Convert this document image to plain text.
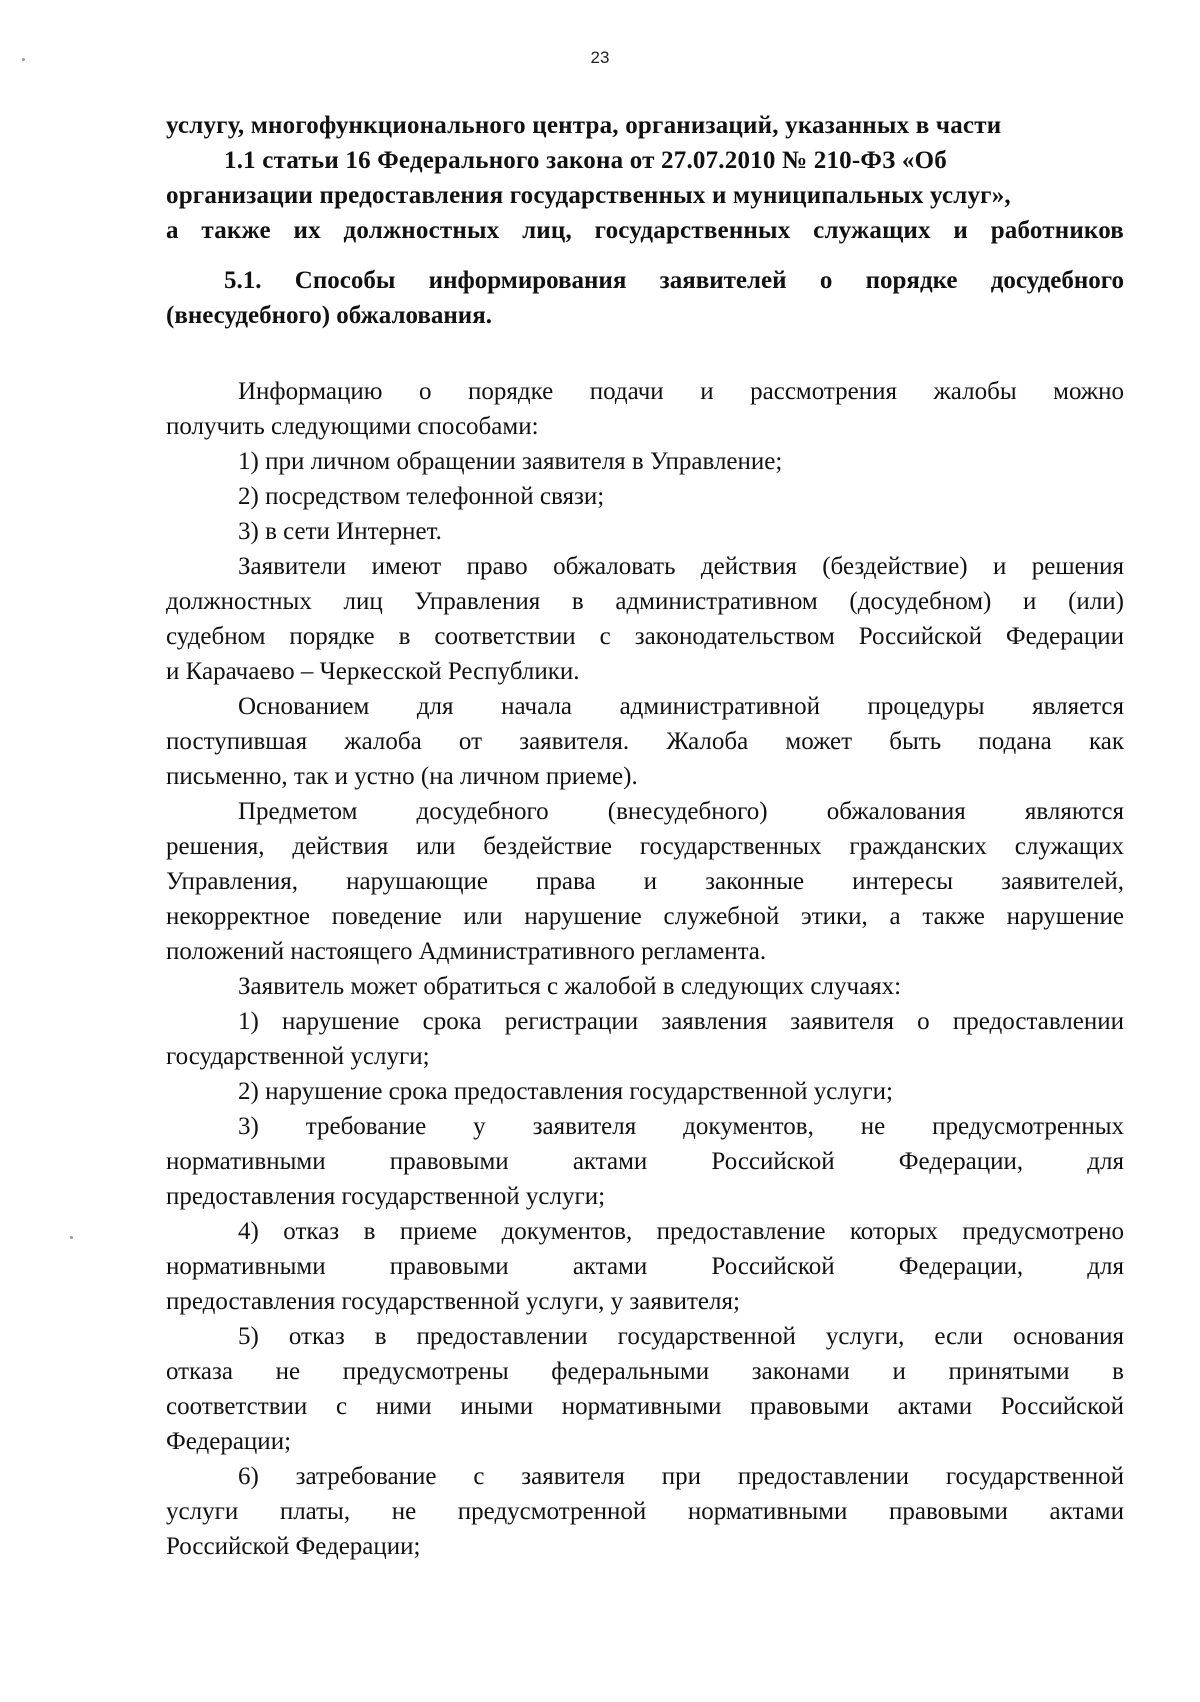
23
услугу, многофункционального центра, организаций, указанных в части
1.1 статьи 16 Федерального закона от 27.07.2010 № 210-ФЗ «Об
организации предоставления государственных и муниципальных услуг»,
а также их должностных лиц, государственных служащих и работников
5.1. Способы информирования заявителей о порядке досудебного
(внесудебного) обжалования.
Информацию о порядке подачи и рассмотрения жалобы можно
получить следующими способами:
1) при личном обращении заявителя в Управление;
2) посредством телефонной связи;
3) в сети Интернет.
Заявители имеют право обжаловать действия (бездействие) и решения
должностных лиц Управления в административном (досудебном) и (или)
судебном порядке в соответствии с законодательством Российской Федерации
и Карачаево – Черкесской Республики.
Основанием для начала административной процедуры является
поступившая жалоба от заявителя. Жалоба может быть подана как
письменно, так и устно (на личном приеме).
Предметом досудебного (внесудебного) обжалования являются
решения, действия или бездействие государственных гражданских служащих
Управления, нарушающие права и законные интересы заявителей,
некорректное поведение или нарушение служебной этики, а также нарушение
положений настоящего Административного регламента.
Заявитель может обратиться с жалобой в следующих случаях:
1) нарушение срока регистрации заявления заявителя о предоставлении
государственной услуги;
2) нарушение срока предоставления государственной услуги;
3) требование у заявителя документов, не предусмотренных
нормативными правовыми актами Российской Федерации, для
предоставления государственной услуги;
4) отказ в приеме документов, предоставление которых предусмотрено
нормативными правовыми актами Российской Федерации, для
предоставления государственной услуги, у заявителя;
5) отказ в предоставлении государственной услуги, если основания
отказа не предусмотрены федеральными законами и принятыми в
соответствии с ними иными нормативными правовыми актами Российской
Федерации;
6) затребование с заявителя при предоставлении государственной
услуги платы, не предусмотренной нормативными правовыми актами
Российской Федерации;
